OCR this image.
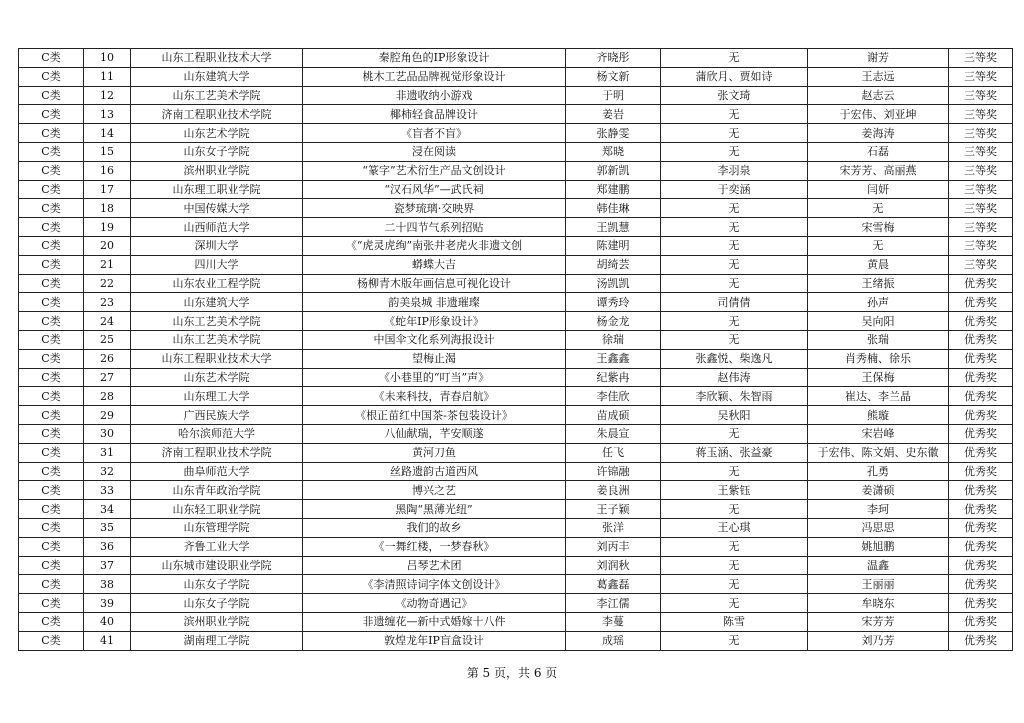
C类	10	山东工程职业技术大学	秦腔角色的IP形象设计	齐晓彤	无	谢芳	三等奖
C类	11	山东建筑大学	桃木工艺品品牌视觉形象设计	杨文新	蒲欣月、贾如诗	王志远	三等奖
C类	12	山东工艺美术学院	非遗收纳小游戏	于明	张文琦	赵志云	三等奖
C类	13	济南工程职业技术学院	椰柿轻食品牌设计	姜岩	无	于宏伟、刘亚坤	三等奖
C类	14	山东艺术学院	《盲者不盲》	张静雯	无	姜海涛	三等奖
C类	15	山东女子学院	浸在阅读	郑晓	无	石磊	三等奖
C类	16	滨州职业学院	“篆字”艺术衍生产品文创设计	郭新凯	李羽泉	宋芳芳、高丽燕	三等奖
C类	17	山东理工职业学院	“汉石风华”—武氏祠	郑建鹏	于奕涵	闫妍	三等奖
C类	18	中国传媒大学	瓷梦琉璃·交映界	韩佳琳	无	无	三等奖
C类	19	山西师范大学	二十四节气系列招贴	王凯慧	无	宋雪梅	三等奖
C类	20	深圳大学	《“虎灵虎绚”南张井老虎火非遗文创	陈建明	无	无	三等奖
C类	21	四川大学	蟒蝶大吉	胡绮芸	无	黄晨	三等奖
C类	22	山东农业工程学院	杨柳青木版年画信息可视化设计	汤凯凯	无	王绪振	优秀奖
C类	23	山东建筑大学	韵美泉城 非遗璀璨	谭秀玲	司倩倩	孙声	优秀奖
C类	24	山东工艺美术学院	《蛇年IP形象设计》	杨金龙	无	吴向阳	优秀奖
C类	25	山东工艺美术学院	中国伞文化系列海报设计	徐瑞	无	张瑞	优秀奖
C类	26	山东工程职业技术大学	望梅止渴	王鑫鑫	张鑫悦、柴逸凡	肖秀楠、徐乐	优秀奖
C类	27	山东艺术学院	《小巷里的“叮当”声》	纪紫冉	赵伟涛	王保梅	优秀奖
C类	28	山东理工大学	《未来科技，青春启航》	李佳欣	李欣颖、朱智雨	崔达、李兰晶	优秀奖
C类	29	广西民族大学	《根正苗红中国茶-茶包装设计》	苗成硕	吴秋阳	熊璇	优秀奖
C类	30	哈尔滨师范大学	八仙献瑞，芊安顺遂	朱晨宣	无	宋岩峰	优秀奖
C类	31	济南工程职业技术学院	黄河刀鱼	任飞	蒋玉涵、张益豪	于宏伟、陈文娟、史东徽	优秀奖
C类	32	曲阜师范大学	丝路遗韵古道西风	许锦融	无	孔勇	优秀奖
C类	33	山东青年政治学院	博兴之艺	姜良洲	王紫钰	姜潇硕	优秀奖
C类	34	山东轻工职业学院	黑陶“黑薄光纽”	王子颖	无	李珂	优秀奖
C类	35	山东管理学院	我们的故乡	张洋	王心琪	冯思思	优秀奖
C类	36	齐鲁工业大学	《一舞红楼，一梦春秋》	刘丙丰	无	姚旭鹏	优秀奖
C类	37	山东城市建设职业学院	吕琴艺术团	刘润秋	无	温鑫	优秀奖
C类	38	山东女子学院	《李清照诗词字体文创设计》	葛鑫磊	无	王丽丽	优秀奖
C类	39	山东女子学院	《动物奇遇记》	李江儒	无	牟晓东	优秀奖
C类	40	滨州职业学院	非遗缠花—新中式婚嫁十八件	李蔓	陈雪	宋芳芳	优秀奖
C类	41	湖南理工学院	敦煌龙年IP盲盒设计	成瑶	无	刘乃芳	优秀奖
第 5 页，共 6 页
